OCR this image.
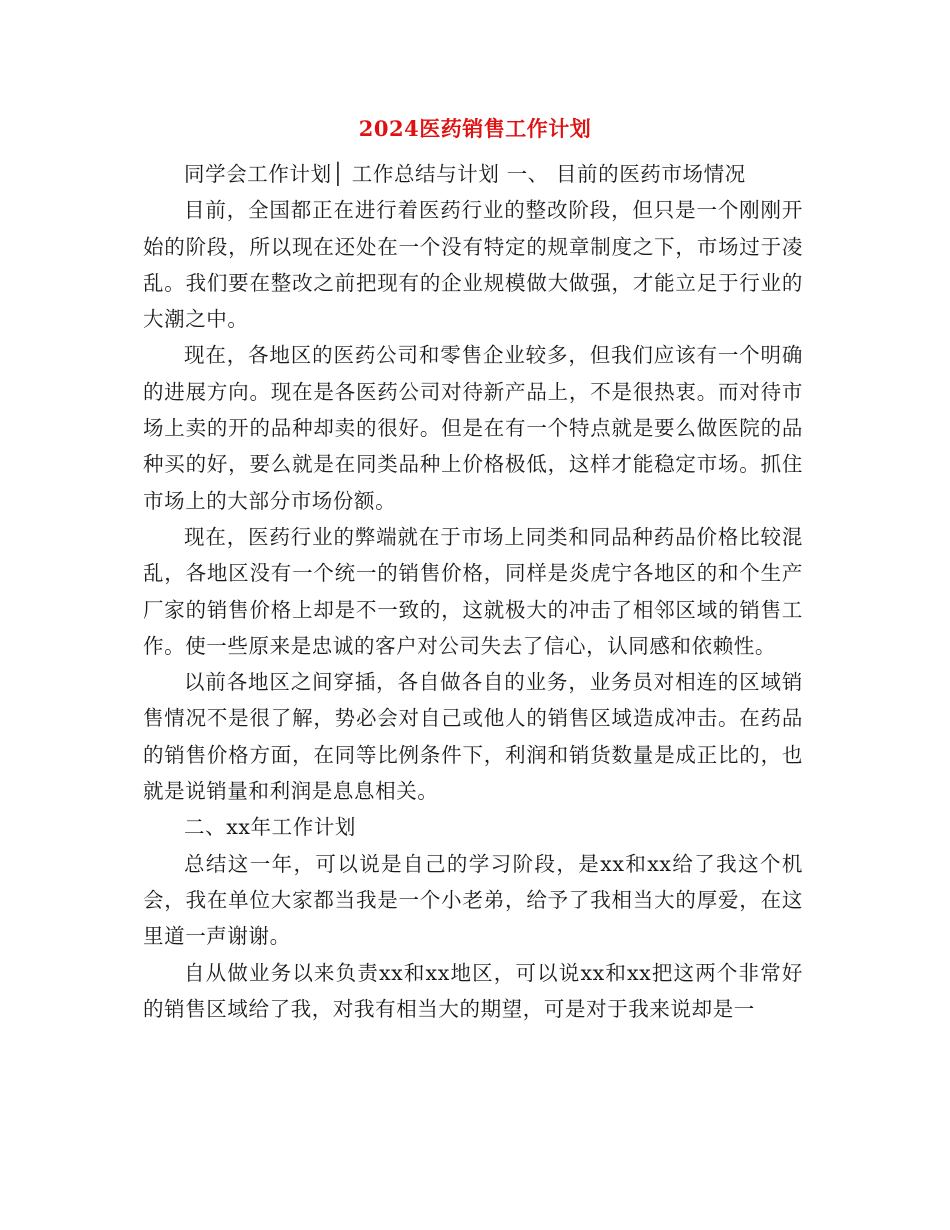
2024医药销售工作计划

同学会工作计划│ 工作总结与计划 一、 目前的医药市场情况

目前，全国都正在进行着医药行业的整改阶段，但只是一个刚刚开始的阶段，所以现在还处在一个没有特定的规章制度之下，市场过于凌乱。我们要在整改之前把现有的企业规模做大做强，才能立足于行业的大潮之中。

现在，各地区的医药公司和零售企业较多，但我们应该有一个明确的进展方向。现在是各医药公司对待新产品上，不是很热衷。而对待市场上卖的开的品种却卖的很好。但是在有一个特点就是要么做医院的品种买的好，要么就是在同类品种上价格极低，这样才能稳定市场。抓住市场上的大部分市场份额。

现在，医药行业的弊端就在于市场上同类和同品种药品价格比较混乱，各地区没有一个统一的销售价格，同样是炎虎宁各地区的和个生产厂家的销售价格上却是不一致的，这就极大的冲击了相邻区域的销售工作。使一些原来是忠诚的客户对公司失去了信心，认同感和依赖性。

以前各地区之间穿插，各自做各自的业务，业务员对相连的区域销售情况不是很了解，势必会对自己或他人的销售区域造成冲击。在药品的销售价格方面，在同等比例条件下，利润和销货数量是成正比的，也就是说销量和利润是息息相关。

二、xx年工作计划

总结这一年，可以说是自己的学习阶段，是xx和xx给了我这个机会，我在单位大家都当我是一个小老弟，给予了我相当大的厚爱，在这里道一声谢谢。

自从做业务以来负责xx和xx地区，可以说xx和xx把这两个非常好的销售区域给了我，对我有相当大的期望，可是对于我来说却是一
